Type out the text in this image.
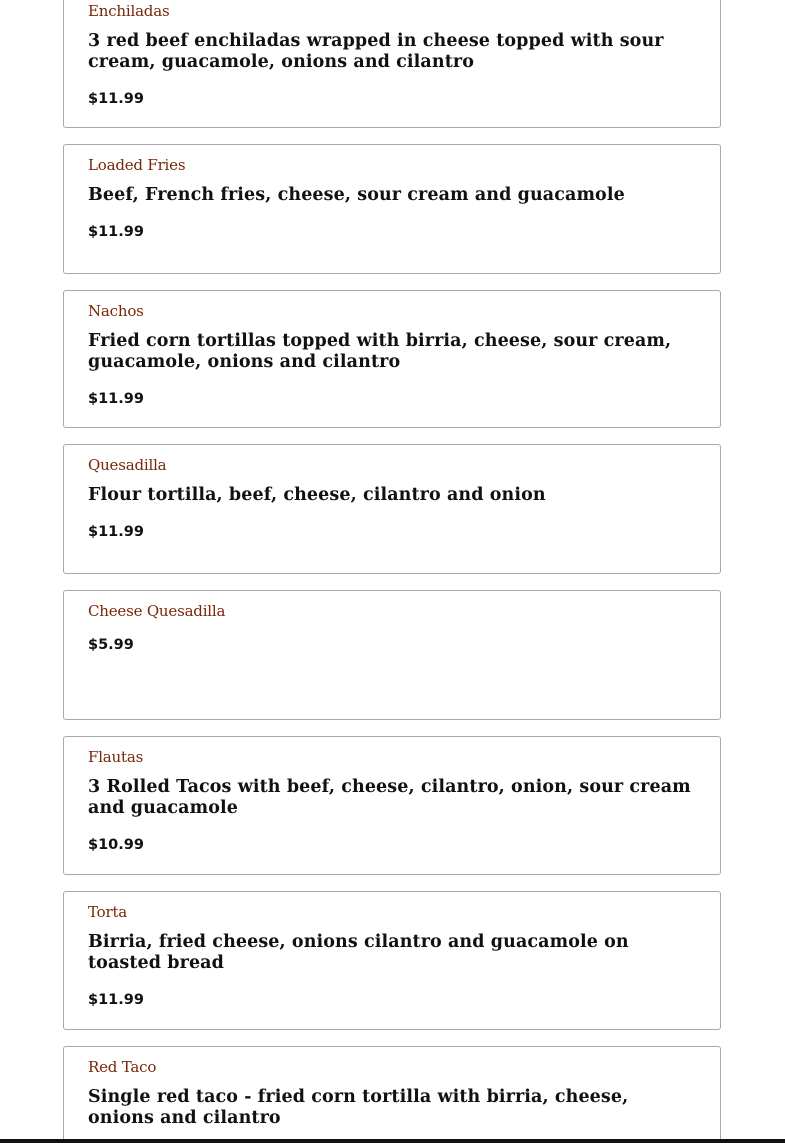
Enchiladas
3 red beef enchiladas wrapped in cheese topped with sour cream, guacamole, onions and cilantro
$11.99
Loaded Fries
Beef, French fries, cheese, sour cream and guacamole
$11.99
Nachos
Fried corn tortillas topped with birria, cheese, sour cream, guacamole, onions and cilantro
$11.99
Quesadilla
Flour tortilla, beef, cheese, cilantro and onion
$11.99
Cheese Quesadilla
$5.99
Flautas
3 Rolled Tacos with beef, cheese, cilantro, onion, sour cream and guacamole
$10.99
Torta
Birria, fried cheese, onions cilantro and guacamole on toasted bread
$11.99
Red Taco
Single red taco - fried corn tortilla with birria, cheese, onions and cilantro
